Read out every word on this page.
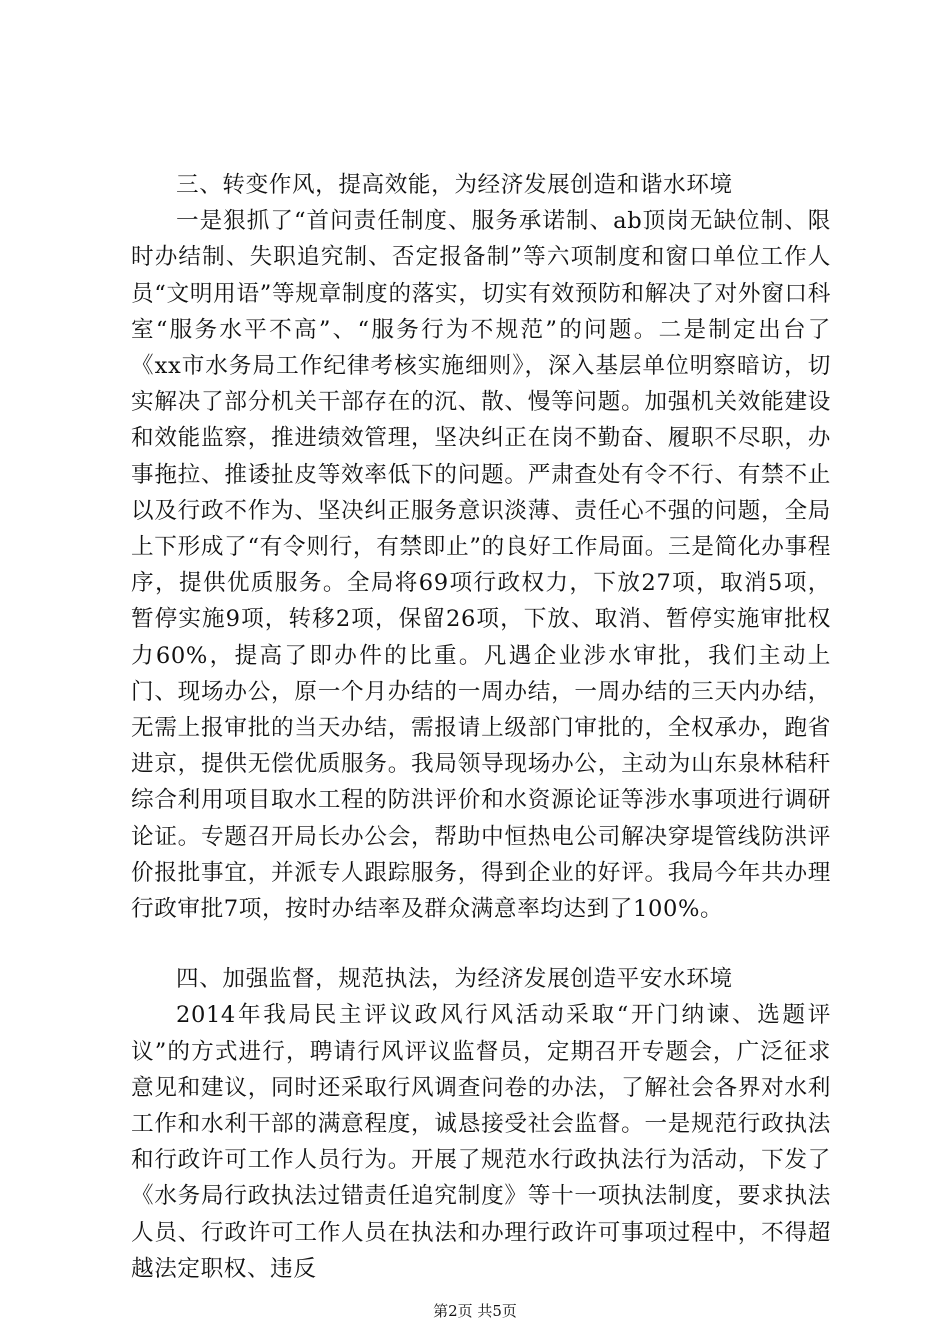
三、转变作风，提高效能，为经济发展创造和谐水环境

一是狠抓了“首问责任制度、服务承诺制、ab顶岗无缺位制、限时办结制、失职追究制、否定报备制”等六项制度和窗口单位工作人员“文明用语”等规章制度的落实，切实有效预防和解决了对外窗口科室“服务水平不高”、“服务行为不规范”的问题。二是制定出台了《xx市水务局工作纪律考核实施细则》，深入基层单位明察暗访，切实解决了部分机关干部存在的沉、散、慢等问题。加强机关效能建设和效能监察，推进绩效管理，坚决纠正在岗不勤奋、履职不尽职，办事拖拉、推诿扯皮等效率低下的问题。严肃查处有令不行、有禁不止以及行政不作为、坚决纠正服务意识淡薄、责任心不强的问题，全局上下形成了“有令则行，有禁即止”的良好工作局面。三是简化办事程序，提供优质服务。全局将69项行政权力，下放27项，取消5项，暂停实施9项，转移2项，保留26项，下放、取消、暂停实施审批权力60%，提高了即办件的比重。凡遇企业涉水审批，我们主动上门、现场办公，原一个月办结的一周办结，一周办结的三天内办结，无需上报审批的当天办结，需报请上级部门审批的，全权承办，跑省进京，提供无偿优质服务。我局领导现场办公，主动为山东泉林秸秆综合利用项目取水工程的防洪评价和水资源论证等涉水事项进行调研论证。专题召开局长办公会，帮助中恒热电公司解决穿堤管线防洪评价报批事宜，并派专人跟踪服务，得到企业的好评。我局今年共办理行政审批7项，按时办结率及群众满意率均达到了100%。

四、加强监督，规范执法，为经济发展创造平安水环境

2014年我局民主评议政风行风活动采取“开门纳谏、选题评议”的方式进行，聘请行风评议监督员，定期召开专题会，广泛征求意见和建议，同时还采取行风调查问卷的办法，了解社会各界对水利工作和水利干部的满意程度，诚恳接受社会监督。一是规范行政执法和行政许可工作人员行为。开展了规范水行政执法行为活动，下发了《水务局行政执法过错责任追究制度》等十一项执法制度，要求执法人员、行政许可工作人员在执法和办理行政许可事项过程中，不得超越法定职权、违反

第2页 共5页
